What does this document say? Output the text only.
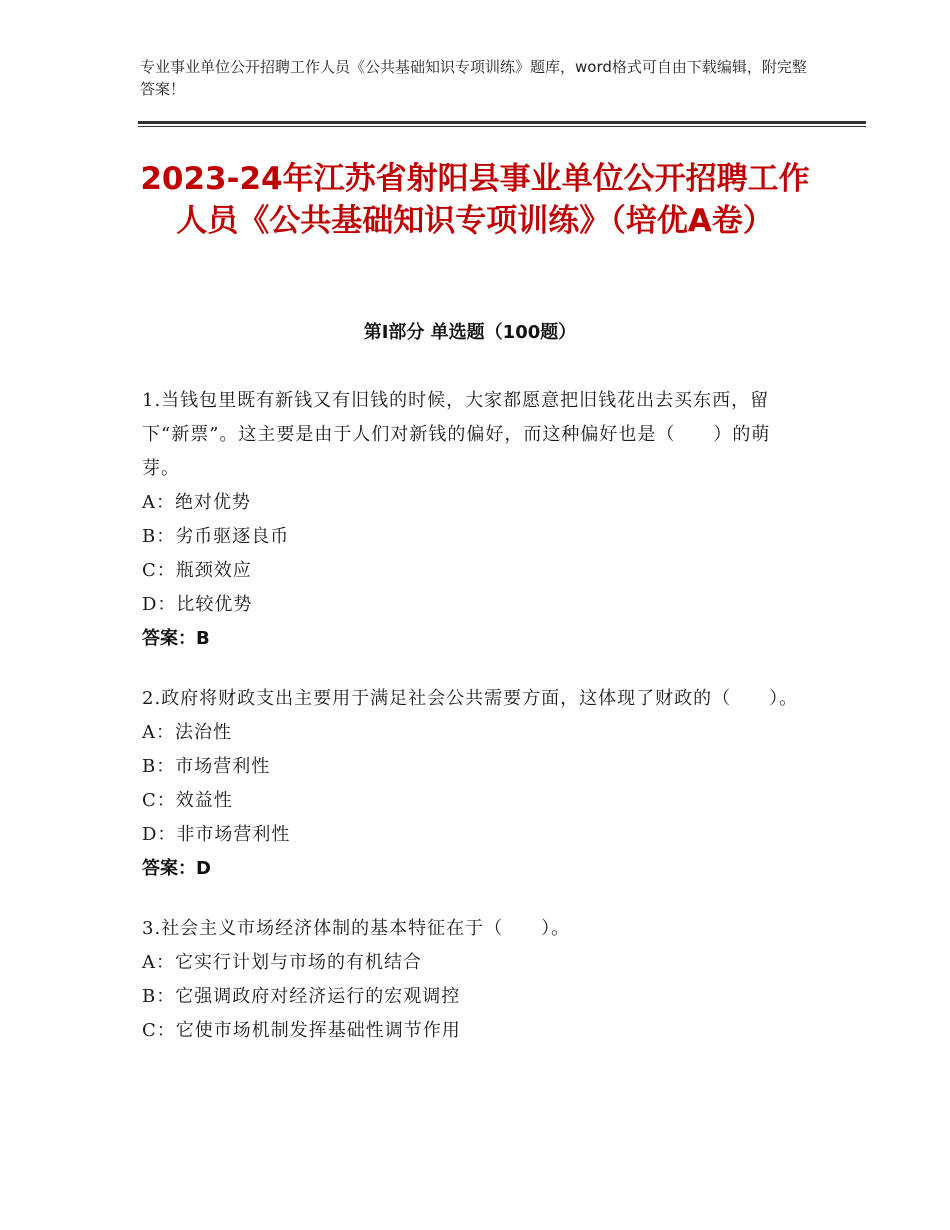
专业事业单位公开招聘工作人员《公共基础知识专项训练》题库，word格式可自由下载编辑，附完整答案！
2023-24年江苏省射阳县事业单位公开招聘工作人员《公共基础知识专项训练》（培优A卷）
第Ⅰ部分 单选题（100题）
1.当钱包里既有新钱又有旧钱的时候，大家都愿意把旧钱花出去买东西，留下“新票”。这主要是由于人们对新钱的偏好，而这种偏好也是（　　）的萌芽。
A：绝对优势
B：劣币驱逐良币
C：瓶颈效应
D：比较优势
答案：B
2.政府将财政支出主要用于满足社会公共需要方面，这体现了财政的（　　）。
A：法治性
B：市场营利性
C：效益性
D：非市场营利性
答案：D
3.社会主义市场经济体制的基本特征在于（　　）。
A：它实行计划与市场的有机结合
B：它强调政府对经济运行的宏观调控
C：它使市场机制发挥基础性调节作用
